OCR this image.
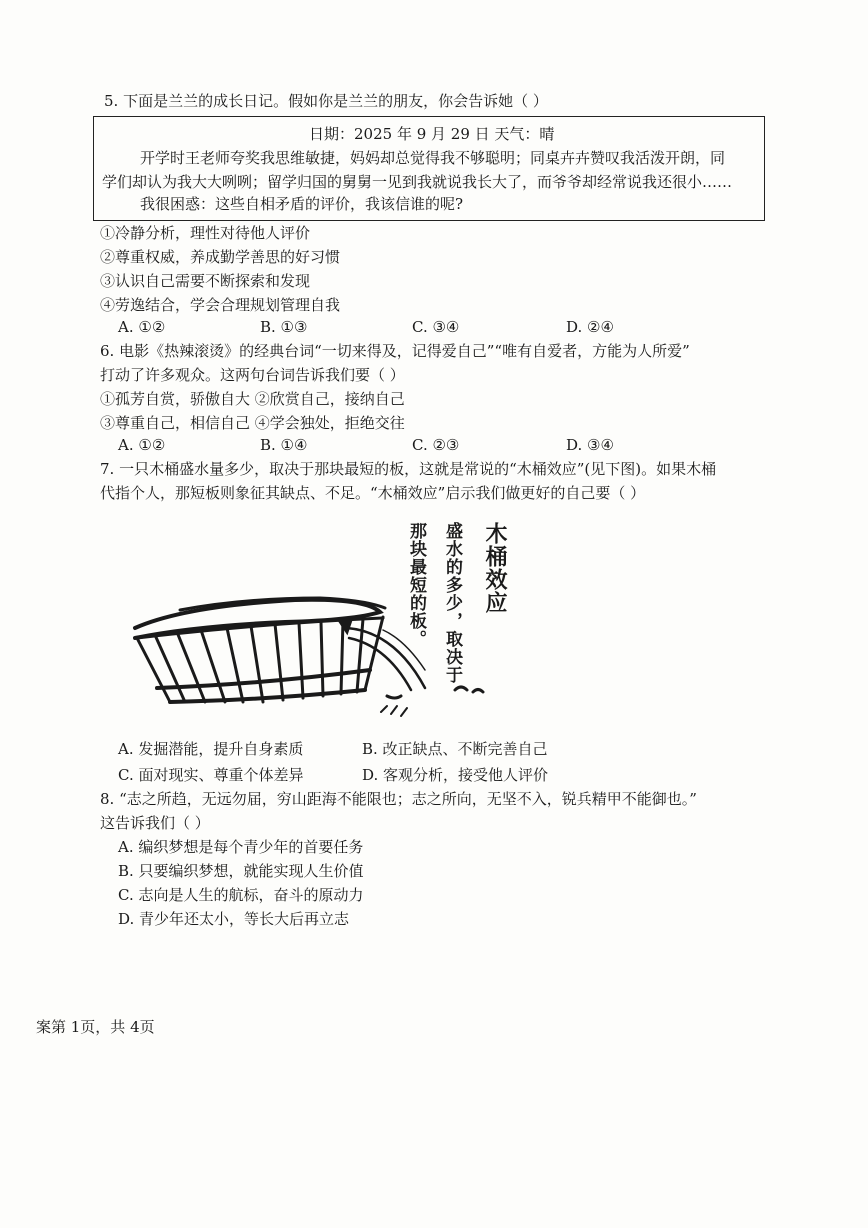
5. 下面是兰兰的成长日记。假如你是兰兰的朋友，你会告诉她（ ）
日期：2025 年 9 月 29 日 天气：晴
开学时王老师夸奖我思维敏捷，妈妈却总觉得我不够聪明；同桌卉卉赞叹我活泼开朗，同
学们却认为我大大咧咧；留学归国的舅舅一见到我就说我长大了，而爷爷却经常说我还很小……
我很困惑：这些自相矛盾的评价，我该信谁的呢?
①冷静分析，理性对待他人评价
②尊重权威，养成勤学善思的好习惯
③认识自己需要不断探索和发现
④劳逸结合，学会合理规划管理自我
A. ①②	B. ①③	C. ③④	D. ②④
6. 电影《热辣滚烫》的经典台词“一切来得及，记得爱自己”“唯有自爱者，方能为人所爱”
打动了许多观众。这两句台词告诉我们要（ ）
①孤芳自赏，骄傲自大 ②欣赏自己，接纳自己
③尊重自己，相信自己 ④学会独处，拒绝交往
A. ①②	B. ①④	C. ②③	D. ③④
7. 一只木桶盛水量多少，取决于那块最短的板，这就是常说的“木桶效应”(见下图)。如果木桶
代指个人，那短板则象征其缺点、不足。“木桶效应”启示我们做更好的自己要（ ）
木桶效应
盛水的多少，取决于
那块最短的板。
A. 发掘潜能，提升自身素质	B. 改正缺点、不断完善自己
C. 面对现实、尊重个体差异	D. 客观分析，接受他人评价
8. “志之所趋，无远勿届，穷山距海不能限也；志之所向，无坚不入，锐兵精甲不能御也。”
这告诉我们（ ）
A. 编织梦想是每个青少年的首要任务
B. 只要编织梦想，就能实现人生价值
C. 志向是人生的航标，奋斗的原动力
D. 青少年还太小，等长大后再立志
案第 1页，共 4页
